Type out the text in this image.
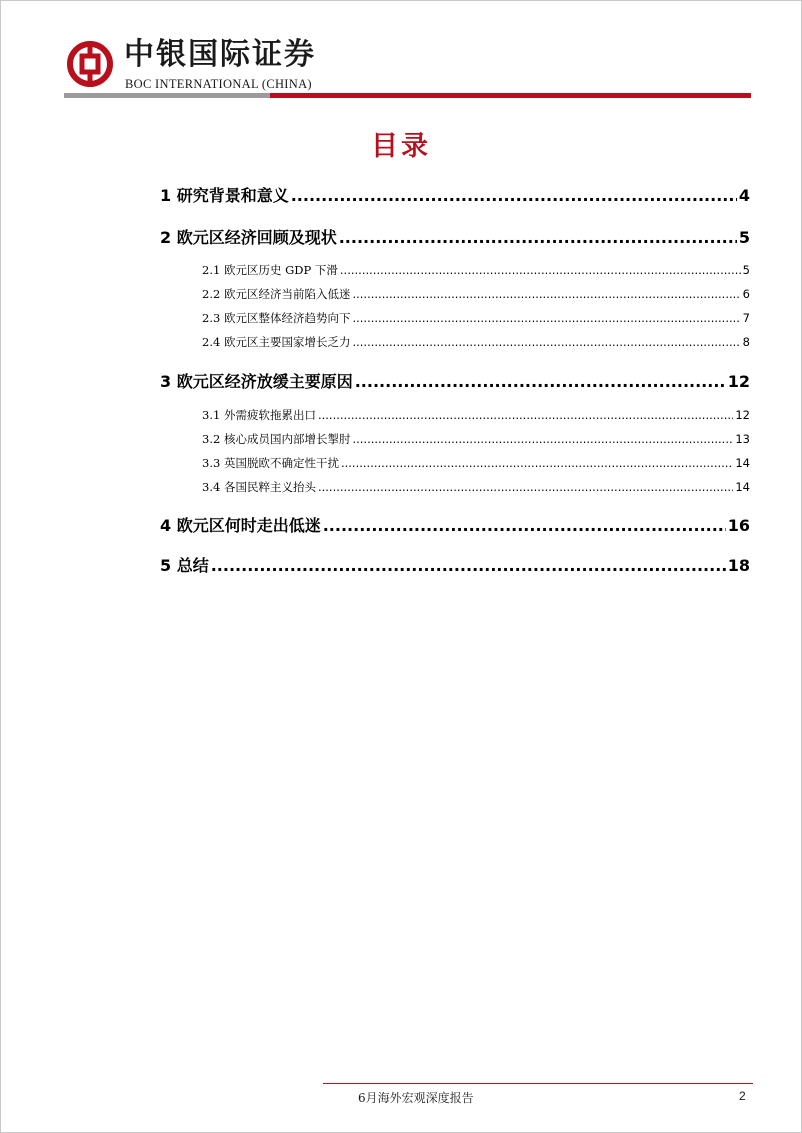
中银国际证券
BOC INTERNATIONAL (CHINA)
目录
1 研究背景和意义 .....	4
2 欧元区经济回顾及现状 .....	5
2.1 欧元区历史 GDP 下滑 .....	5
2.2 欧元区经济当前陷入低迷 .....	6
2.3 欧元区整体经济趋势向下 .....	7
2.4 欧元区主要国家增长乏力 .....	8
3 欧元区经济放缓主要原因 .....	12
3.1 外需疲软拖累出口 .....	12
3.2 核心成员国内部增长掣肘 .....	13
3.3 英国脱欧不确定性干扰 .....	14
3.4 各国民粹主义抬头 .....	14
4 欧元区何时走出低迷 .....	16
5 总结 .....	18
6月海外宏观深度报告	2
